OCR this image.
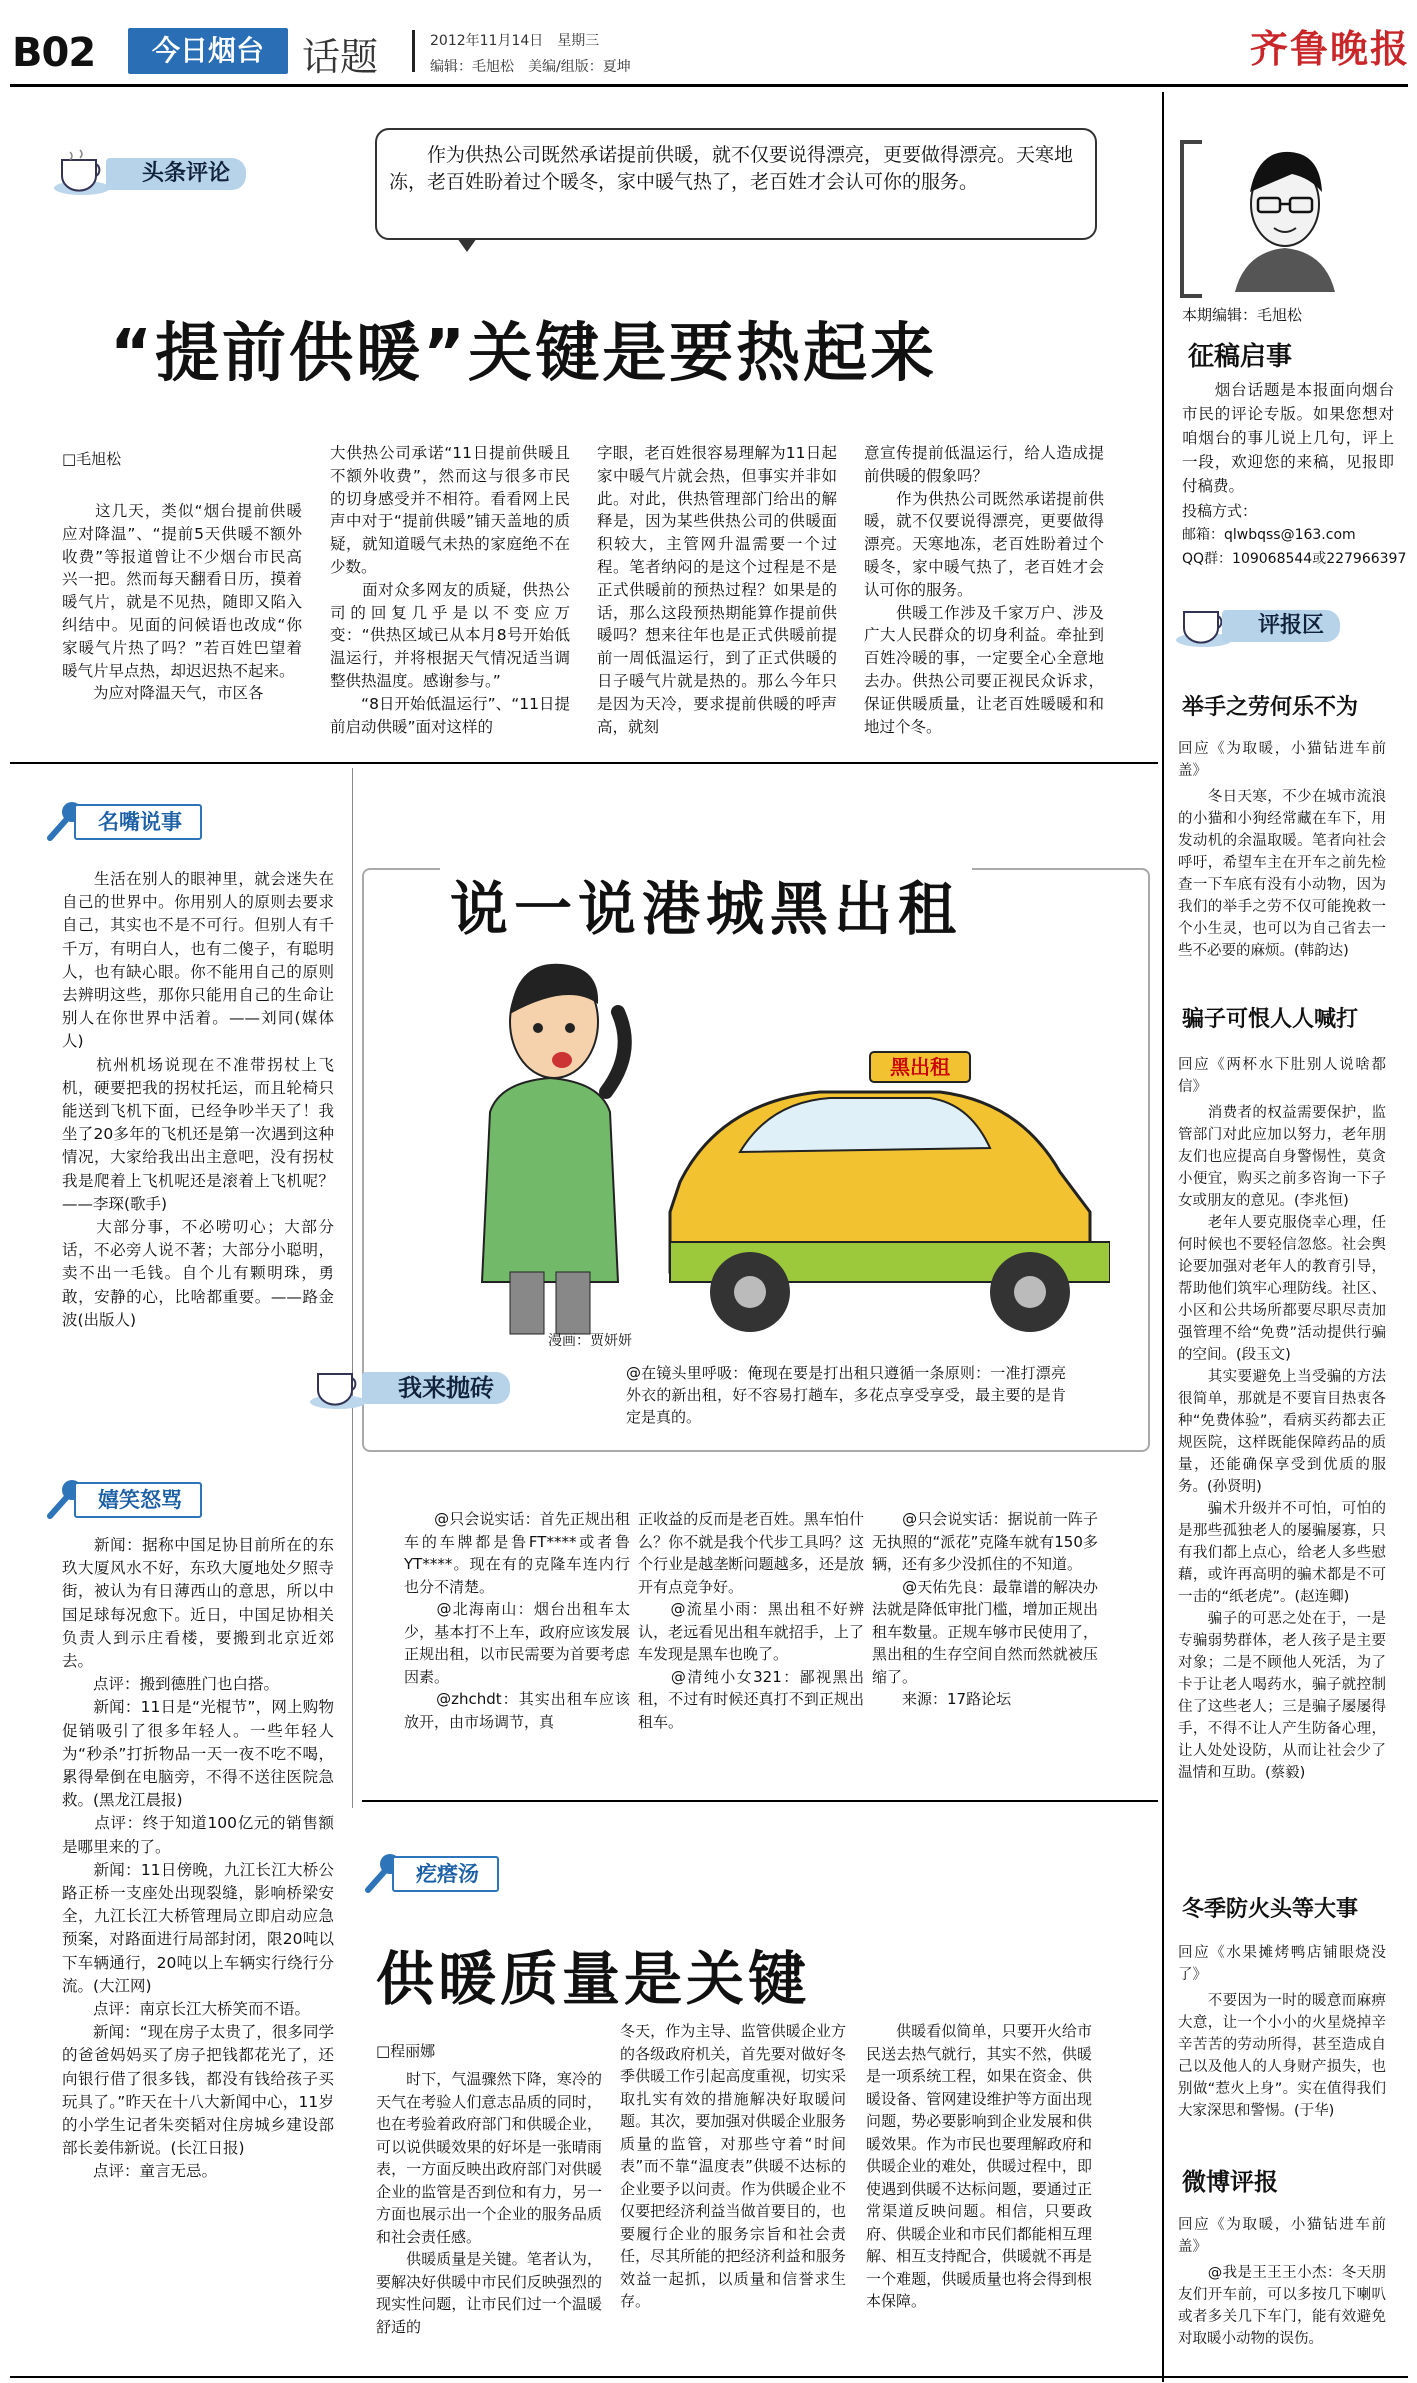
B02	今日烟台	话题	2012年11月14日　星期三
编辑：毛旭松　美编/组版：夏坤	齐鲁晚报
头条评论
作为供热公司既然承诺提前供暖，就不仅要说得漂亮，更要做得漂亮。天寒地冻，老百姓盼着过个暖冬，家中暖气热了，老百姓才会认可你的服务。
“提前供暖”关键是要热起来
□毛旭松
　　这几天，类似“烟台提前供暖应对降温”、“提前5天供暖不额外收费”等报道曾让不少烟台市民高兴一把。然而每天翻看日历，摸着暖气片，就是不见热，随即又陷入纠结中。见面的问候语也改成“你家暖气片热了吗？”若百姓巴望着暖气片早点热，却迟迟热不起来。
　　为应对降温天气，市区各
大供热公司承诺“11日提前供暖且不额外收费”，然而这与很多市民的切身感受并不相符。看看网上民声中对于“提前供暖”铺天盖地的质疑，就知道暖气未热的家庭绝不在少数。
　　面对众多网友的质疑，供热公司的回复几乎是以不变应万变：“供热区域已从本月8号开始低温运行，并将根据天气情况适当调整供热温度。感谢参与。”
　　“8日开始低温运行”、“11日提前启动供暖”面对这样的
字眼，老百姓很容易理解为11日起家中暖气片就会热，但事实并非如此。对此，供热管理部门给出的解释是，因为某些供热公司的供暖面积较大，主管网升温需要一个过程。笔者纳闷的是这个过程是不是正式供暖前的预热过程？如果是的话，那么这段预热期能算作提前供暖吗？想来往年也是正式供暖前提前一周低温运行，到了正式供暖的日子暖气片就是热的。那么今年只是因为天冷，要求提前供暖的呼声高，就刻
意宣传提前低温运行，给人造成提前供暖的假象吗？
　　作为供热公司既然承诺提前供暖，就不仅要说得漂亮，更要做得漂亮。天寒地冻，老百姓盼着过个暖冬，家中暖气热了，老百姓才会认可你的服务。
　　供暖工作涉及千家万户、涉及广大人民群众的切身利益。牵扯到百姓冷暖的事，一定要全心全意地去办。供热公司要正视民众诉求，保证供暖质量，让老百姓暖暖和和地过个冬。
本期编辑：毛旭松
征稿启事
　　烟台话题是本报面向烟台市民的评论专版。如果您想对咱烟台的事儿说上几句，评上一段，欢迎您的来稿，见报即付稿费。
投稿方式：
邮箱：qlwbqss@163.com
QQ群：109068544或227966397
评报区
举手之劳何乐不为
回应《为取暖，小猫钻进车前盖》
　　冬日天寒，不少在城市流浪的小猫和小狗经常藏在车下，用发动机的余温取暖。笔者向社会呼吁，希望车主在开车之前先检查一下车底有没有小动物，因为我们的举手之劳不仅可能挽救一个小生灵，也可以为自己省去一些不必要的麻烦。(韩韵达)
骗子可恨人人喊打
回应《两杯水下肚别人说啥都信》
　　消费者的权益需要保护，监管部门对此应加以努力，老年朋友们也应提高自身警惕性，莫贪小便宜，购买之前多咨询一下子女或朋友的意见。(李兆恒)
　　老年人要克服侥幸心理，任何时候也不要轻信忽悠。社会舆论要加强对老年人的教育引导，帮助他们筑牢心理防线。社区、小区和公共场所都要尽职尽责加强管理不给“免费”活动提供行骗的空间。(段玉文)
　　其实要避免上当受骗的方法很简单，那就是不要盲目热衷各种“免费体验”，看病买药都去正规医院，这样既能保障药品的质量，还能确保享受到优质的服务。(孙贤明)
　　骗术升级并不可怕，可怕的是那些孤独老人的屡骗屡寡，只有我们都上点心，给老人多些慰藉，或许再高明的骗术都是不可一击的“纸老虎”。(赵连卿)
　　骗子的可恶之处在于，一是专骗弱势群体，老人孩子是主要对象；二是不顾他人死活，为了卡于让老人喝药水，骗子就控制住了这些老人；三是骗子屡屡得手，不得不让人产生防备心理，让人处处设防，从而让社会少了温情和互助。(蔡毅)
冬季防火头等大事
回应《水果摊烤鸭店铺眼烧没了》
　　不要因为一时的暖意而麻痹大意，让一个小小的火星烧掉辛辛苦苦的劳动所得，甚至造成自己以及他人的人身财产损失，也别做“惹火上身”。实在值得我们大家深思和警惕。(于华)
微博评报
回应《为取暖，小猫钻进车前盖》
　　@我是王王王小杰：冬天朋友们开车前，可以多按几下喇叭或者多关几下车门，能有效避免对取暖小动物的误伤。
名嘴说事
　　生活在别人的眼神里，就会迷失在自己的世界中。你用别人的原则去要求自己，其实也不是不可行。但别人有千千万，有明白人，也有二傻子，有聪明人，也有缺心眼。你不能用自己的原则去辨明这些，那你只能用自己的生命让别人在你世界中活着。——刘同(媒体人)
　　杭州机场说现在不准带拐杖上飞机，硬要把我的拐杖托运，而且轮椅只能送到飞机下面，已经争吵半天了！我坐了20多年的飞机还是第一次遇到这种情况，大家给我出出主意吧，没有拐杖我是爬着上飞机呢还是滚着上飞机呢？——李琛(歌手)
　　大部分事，不必唠叨心；大部分话，不必旁人说不著；大部分小聪明，卖不出一毛钱。自个儿有颗明珠，勇敢，安静的心，比啥都重要。——路金波(出版人)
嬉笑怒骂
　　新闻：据称中国足协目前所在的东玖大厦风水不好，东玖大厦地处夕照寺街，被认为有日薄西山的意思，所以中国足球每况愈下。近日，中国足协相关负责人到示庄看楼，要搬到北京近郊去。
　　点评：搬到德胜门也白搭。
　　新闻：11日是“光棍节”，网上购物促销吸引了很多年轻人。一些年轻人为“秒杀”打折物品一天一夜不吃不喝，累得晕倒在电脑旁，不得不送往医院急救。(黑龙江晨报)
　　点评：终于知道100亿元的销售额是哪里来的了。
　　新闻：11日傍晚，九江长江大桥公路正桥一支座处出现裂缝，影响桥梁安全，九江长江大桥管理局立即启动应急预案，对路面进行局部封闭，限20吨以下车辆通行，20吨以上车辆实行绕行分流。(大江网)
　　点评：南京长江大桥笑而不语。
　　新闻：“现在房子太贵了，很多同学的爸爸妈妈买了房子把钱都花光了，还向银行借了很多钱，都没有钱给孩子买玩具了。”昨天在十八大新闻中心，11岁的小学生记者朱奕韬对住房城乡建设部部长姜伟新说。(长江日报)
　　点评：童言无忌。
说一说港城黑出租
黑出租
漫画：贾妍妍
@在镜头里呼吸：俺现在要是打出租只遵循一条原则：一准打漂亮外衣的新出租，好不容易打趟车，多花点享受享受，最主要的是肯定是真的。
我来抛砖
　　@只会说实话：首先正规出租车的车牌都是鲁FT****或者鲁YT****。现在有的克隆车连内行也分不清楚。
　　@北海南山：烟台出租车太少，基本打不上车，政府应该发展正规出租，以市民需要为首要考虑因素。
　　@zhchdt：其实出租车应该放开，由市场调节，真
正收益的反而是老百姓。黑车怕什么？你不就是我个代步工具吗？这个行业是越垄断问题越多，还是放开有点竞争好。
　　@流星小雨：黑出租不好辨认，老远看见出租车就招手，上了车发现是黑车也晚了。
　　@清纯小女321：鄙视黑出租，不过有时候还真打不到正规出租车。
　　@只会说实话：据说前一阵子无执照的“派花”克隆车就有150多辆，还有多少没抓住的不知道。
　　@天佑先良：最靠谱的解决办法就是降低审批门槛，增加正规出租车数量。正规车够市民使用了，黑出租的生存空间自然而然就被压缩了。
　　来源：17路论坛
疙瘩汤
供暖质量是关键
□程丽娜
　　时下，气温骤然下降，寒冷的天气在考验人们意志品质的同时，也在考验着政府部门和供暖企业，可以说供暖效果的好坏是一张晴雨表，一方面反映出政府部门对供暖企业的监管是否到位和有力，另一方面也展示出一个企业的服务品质和社会责任感。
　　供暖质量是关键。笔者认为，要解决好供暖中市民们反映强烈的现实性问题，让市民们过一个温暖舒适的
冬天，作为主导、监管供暖企业方的各级政府机关，首先要对做好冬季供暖工作引起高度重视，切实采取扎实有效的措施解决好取暖问题。其次，要加强对供暖企业服务质量的监管，对那些守着“时间表”而不靠“温度表”供暖不达标的企业要予以问责。作为供暖企业不仅要把经济利益当做首要目的，也要履行企业的服务宗旨和社会责任，尽其所能的把经济利益和服务效益一起抓，以质量和信誉求生存。
　　供暖看似简单，只要开火给市民送去热气就行，其实不然，供暖是一项系统工程，如果在资金、供暖设备、管网建设维护等方面出现问题，势必要影响到企业发展和供暖效果。作为市民也要理解政府和供暖企业的难处，供暖过程中，即使遇到供暖不达标问题，要通过正常渠道反映问题。相信，只要政府、供暖企业和市民们都能相互理解、相互支持配合，供暖就不再是一个难题，供暖质量也将会得到根本保障。
